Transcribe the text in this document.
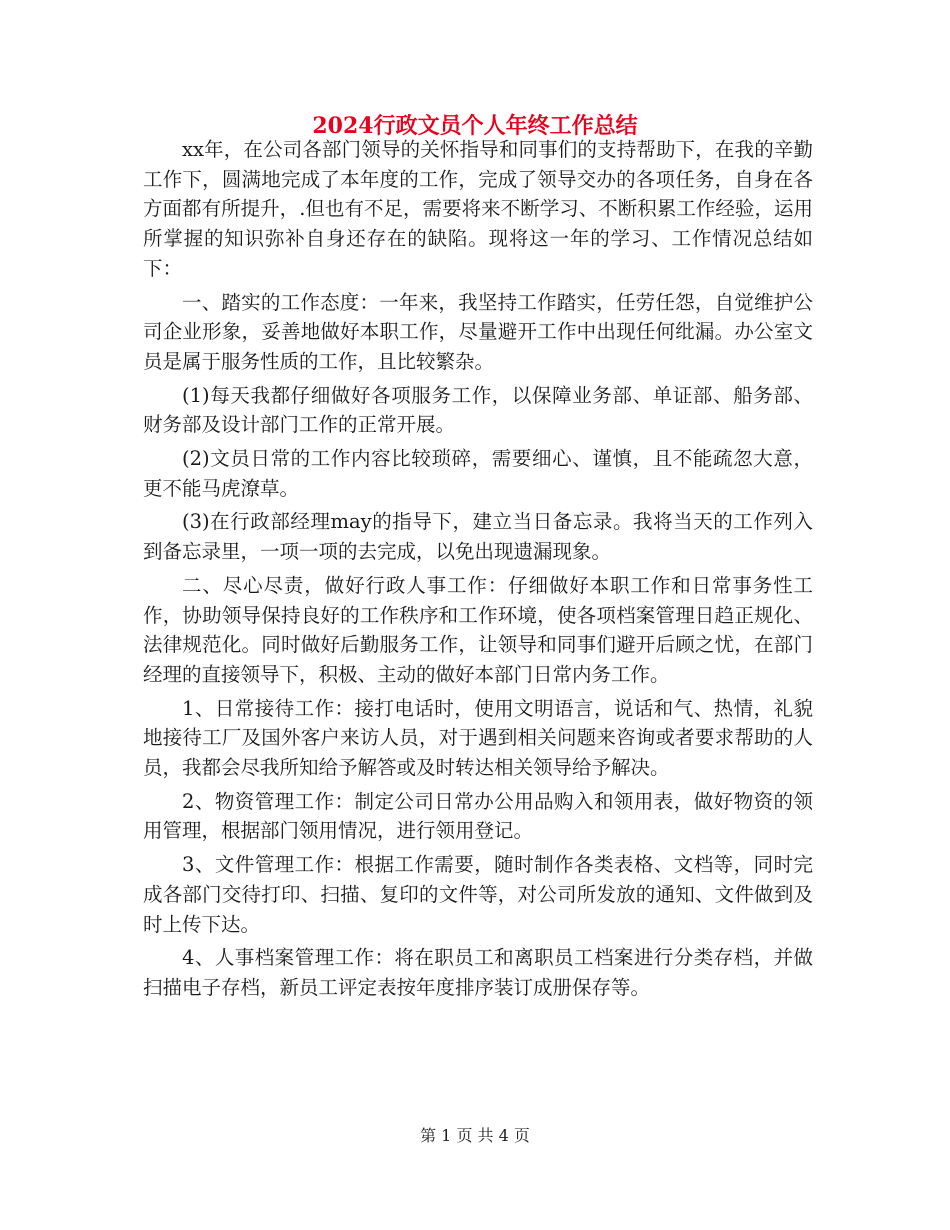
2024行政文员个人年终工作总结

xx年，在公司各部门领导的关怀指导和同事们的支持帮助下，在我的辛勤工作下，圆满地完成了本年度的工作，完成了领导交办的各项任务，自身在各方面都有所提升，.但也有不足，需要将来不断学习、不断积累工作经验，运用所掌握的知识弥补自身还存在的缺陷。现将这一年的学习、工作情况总结如下：

一、踏实的工作态度：一年来，我坚持工作踏实，任劳任怨，自觉维护公司企业形象，妥善地做好本职工作，尽量避开工作中出现任何纰漏。办公室文员是属于服务性质的工作，且比较繁杂。

(1)每天我都仔细做好各项服务工作，以保障业务部、单证部、船务部、财务部及设计部门工作的正常开展。

(2)文员日常的工作内容比较琐碎，需要细心、谨慎，且不能疏忽大意，更不能马虎潦草。

(3)在行政部经理may的指导下，建立当日备忘录。我将当天的工作列入到备忘录里，一项一项的去完成，以免出现遗漏现象。

二、尽心尽责，做好行政人事工作：仔细做好本职工作和日常事务性工作，协助领导保持良好的工作秩序和工作环境，使各项档案管理日趋正规化、法律规范化。同时做好后勤服务工作，让领导和同事们避开后顾之忧，在部门经理的直接领导下，积极、主动的做好本部门日常内务工作。

1、日常接待工作：接打电话时，使用文明语言，说话和气、热情，礼貌地接待工厂及国外客户来访人员，对于遇到相关问题来咨询或者要求帮助的人员，我都会尽我所知给予解答或及时转达相关领导给予解决。

2、物资管理工作：制定公司日常办公用品购入和领用表，做好物资的领用管理，根据部门领用情况，进行领用登记。

3、文件管理工作：根据工作需要，随时制作各类表格、文档等，同时完成各部门交待打印、扫描、复印的文件等，对公司所发放的通知、文件做到及时上传下达。

4、人事档案管理工作：将在职员工和离职员工档案进行分类存档，并做扫描电子存档，新员工评定表按年度排序装订成册保存等。

第 1 页 共 4 页
